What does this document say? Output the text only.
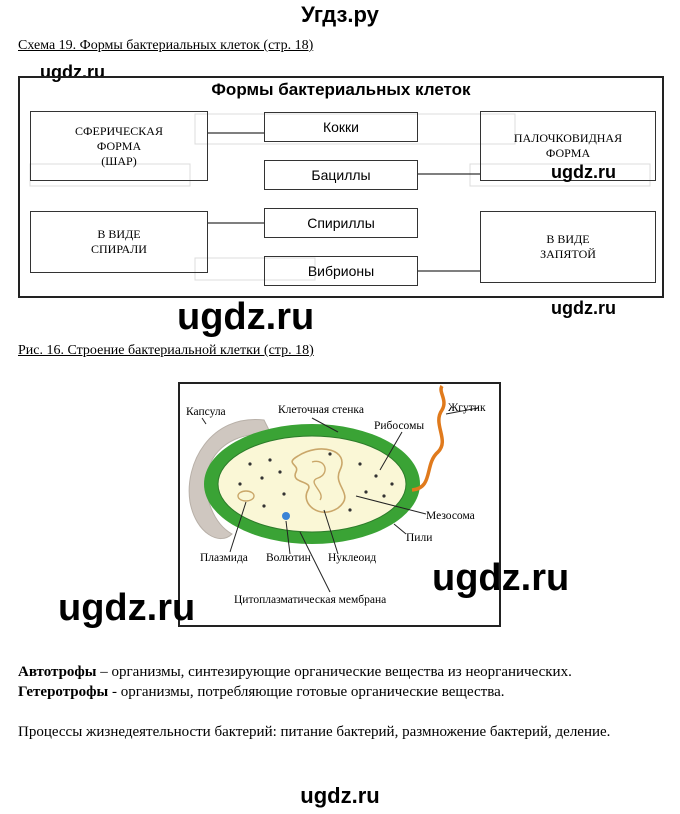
Угдз.ру
Схема 19. Формы бактериальных клеток (стр. 18)
ugdz.ru
Формы бактериальных клеток
СФЕРИЧЕСКАЯ
ФОРМА
(ШАР)
В ВИДЕ
СПИРАЛИ
ПАЛОЧКОВИДНАЯ
ФОРМА
В ВИДЕ
ЗАПЯТОЙ
Кокки
Бациллы
Спириллы
Вибрионы
ugdz.ru
ugdz.ru
ugdz.ru
Рис. 16. Строение бактериальной клетки (стр. 18)
Капсула	Клеточная стенка	Жгутик
Рибосомы
Мезосома
Пили
Плазмида Волютин Нуклеоид
Цитоплазматическая мембрана
ugdz.ru
ugdz.ru
Автотрофы – организмы, синтезирующие органические вещества из неорганических.
Гетеротрофы - организмы, потребляющие готовые органические вещества.
Процессы жизнедеятельности бактерий: питание бактерий, размножение бактерий, деление.
ugdz.ru
